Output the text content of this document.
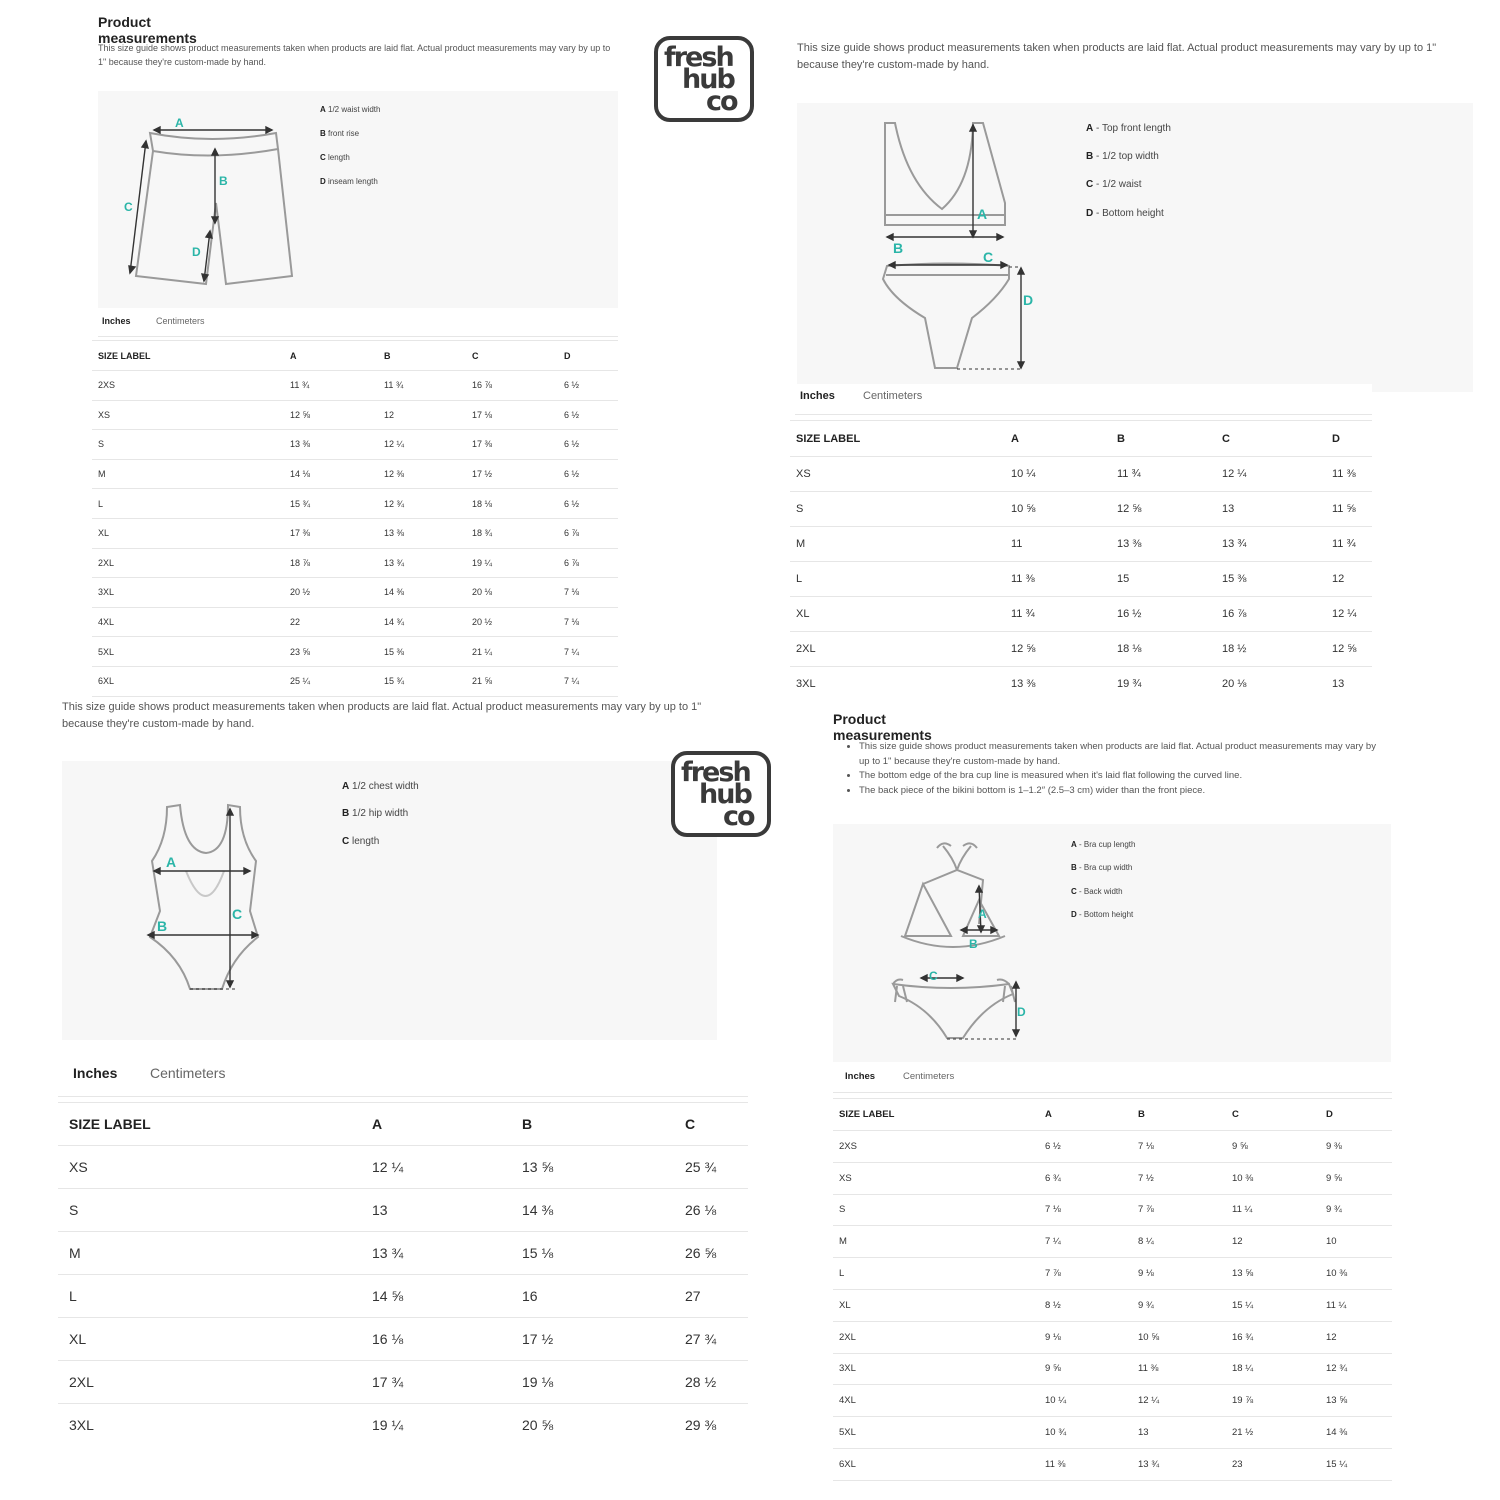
Product measurements
This size guide shows product measurements taken when products are laid flat. Actual product measurements may vary by up to 1" because they're custom-made by hand.
A
B
C
D
A 1/2 waist width
B front rise
C length
D inseam length
Inches	Centimeters
SIZE LABEL	A	B	C	D
2XS	11 ¾	11 ¾	16 ⅞	6 ½
XS	12 ⅝	12	17 ⅛	6 ½
S	13 ⅜	12 ¼	17 ⅜	6 ½
M	14 ⅛	12 ⅜	17 ½	6 ½
L	15 ¾	12 ¾	18 ⅛	6 ½
XL	17 ⅜	13 ⅜	18 ¾	6 ⅞
2XL	18 ⅞	13 ¾	19 ¼	6 ⅞
3XL	20 ½	14 ⅜	20 ⅛	7 ⅛
4XL	22	14 ¾	20 ½	7 ⅛
5XL	23 ⅝	15 ⅜	21 ¼	7 ¼
6XL	25 ¼	15 ¾	21 ⅝	7 ¼
fresh
hub
co
This size guide shows product measurements taken when products are laid flat. Actual product measurements may vary by up to 1" because they're custom-made by hand.
A
B
C
D
A - Top front length
B - 1/2 top width
C - 1/2 waist
D - Bottom height
Inches	Centimeters
SIZE LABEL	A	B	C	D
XS	10 ¼	11 ¾	12 ¼	11 ⅜
S	10 ⅝	12 ⅝	13	11 ⅝
M	11	13 ⅜	13 ¾	11 ¾
L	11 ⅜	15	15 ⅜	12
XL	11 ¾	16 ½	16 ⅞	12 ¼
2XL	12 ⅝	18 ⅛	18 ½	12 ⅝
3XL	13 ⅜	19 ¾	20 ⅛	13
This size guide shows product measurements taken when products are laid flat. Actual product measurements may vary by up to 1" because they're custom-made by hand.
A
B
C
A 1/2 chest width
B 1/2 hip width
C length
Inches Centimeters
SIZE LABEL	A	B	C
XS	12 ¼	13 ⅝	25 ¾
S	13	14 ⅜	26 ⅛
M	13 ¾	15 ⅛	26 ⅝
L	14 ⅝	16	27
XL	16 ⅛	17 ½	27 ¾
2XL	17 ¾	19 ⅛	28 ½
3XL	19 ¼	20 ⅝	29 ⅜
fresh
hub
co
Product measurements
• This size guide shows product measurements taken when products are laid flat. Actual product measurements may vary by up to 1" because they're custom-made by hand.
• The bottom edge of the bra cup line is measured when it's laid flat following the curved line.
• The back piece of the bikini bottom is 1–1.2″ (2.5–3 cm) wider than the front piece.
A
B
C
D
A - Bra cup length
B - Bra cup width
C - Back width
D - Bottom height
Inches	Centimeters
SIZE LABEL	A	B	C	D
2XS	6 ½	7 ⅛	9 ⅝	9 ⅜
XS	6 ¾	7 ½	10 ⅜	9 ⅝
S	7 ⅛	7 ⅞	11 ¼	9 ¾
M	7 ¼	8 ¼	12	10
L	7 ⅞	9 ⅛	13 ⅝	10 ⅜
XL	8 ½	9 ¾	15 ¼	11 ¼
2XL	9 ⅛	10 ⅝	16 ¾	12
3XL	9 ⅝	11 ⅜	18 ¼	12 ¾
4XL	10 ¼	12 ¼	19 ⅞	13 ⅝
5XL	10 ¾	13	21 ½	14 ⅜
6XL	11 ⅜	13 ¾	23	15 ¼
